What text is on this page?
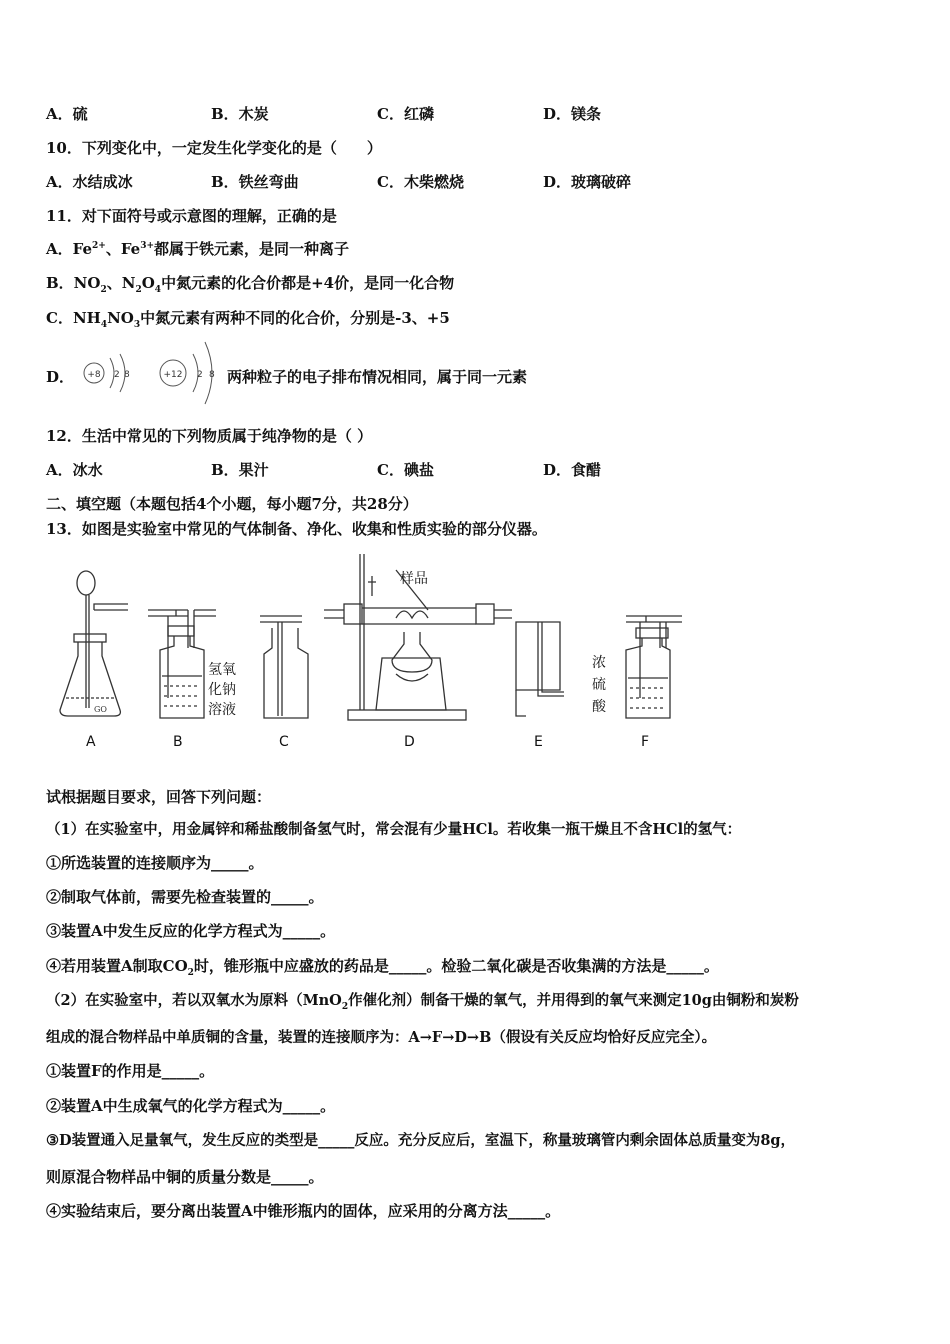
A．硫	B．木炭	C．红磷	D．镁条
10．下列变化中，一定发生化学变化的是（　　）
A．水结成冰	B．铁丝弯曲	C．木柴燃烧	D．玻璃破碎
11．对下面符号或示意图的理解，正确的是
A．$Fe^{2+}$、$Fe^{3+}$都属于铁元素，是同一种离子
B．$NO_2$、$N_2O_4$中氮元素的化合价都是+4价，是同一化合物
C．$NH_4NO_3$中氮元素有两种不同的化合价，分别是-3、+5
D． +8 2 8	+12 2 8 两种粒子的电子排布情况相同，属于同一元素
12．生活中常见的下列物质属于纯净物的是（ ）
A．冰水	B．果汁	C．碘盐	D．食醋
二、填空题（本题包括4个小题，每小题7分，共28分）
13．如图是实验室中常见的气体制备、净化、收集和性质实验的部分仪器。
GO
样品
氢氧
化钠
溶液
浓
硫
酸
A	B	C	D	E	F
试根据题目要求，回答下列问题：
（1）在实验室中，用金属锌和稀盐酸制备氢气时，常会混有少量HCl。若收集一瓶干燥且不含HCl的氢气：
①所选装置的连接顺序为_____。
②制取气体前，需要先检查装置的_____。
③装置A中发生反应的化学方程式为_____。
④若用装置A制取$CO_2$时，锥形瓶中应盛放的药品是_____。检验二氧化碳是否收集满的方法是_____。
（2）在实验室中，若以双氧水为原料（MnO$_2$作催化剂）制备干燥的氧气，并用得到的氧气来测定10g由铜粉和炭粉
组成的混合物样品中单质铜的含量，装置的连接顺序为：A→F→D→B（假设有关反应均恰好反应完全）。
①装置F的作用是_____。
②装置A中生成氧气的化学方程式为_____。
③D装置通入足量氧气，发生反应的类型是_____反应。充分反应后，室温下，称量玻璃管内剩余固体总质量变为8g，
则原混合物样品中铜的质量分数是_____。
④实验结束后，要分离出装置A中锥形瓶内的固体，应采用的分离方法_____。
